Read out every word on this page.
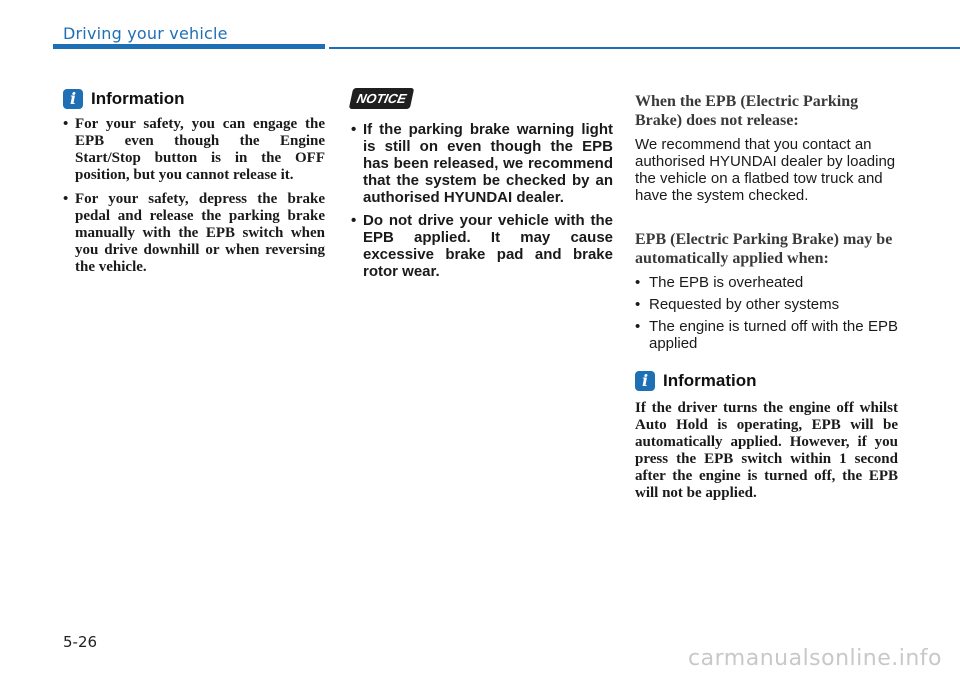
Driving your vehicle
i Information
• For your safety, you can engage the EPB even though the Engine Start/Stop button is in the OFF position, but you cannot release it.
• For your safety, depress the brake pedal and release the parking brake manually with the EPB switch when you drive downhill or when reversing the vehicle.
NOTICE
• If the parking brake warning light is still on even though the EPB has been released, we recommend that the system be checked by an authorised HYUNDAI dealer.
• Do not drive your vehicle with the EPB applied. It may cause excessive brake pad and brake rotor wear.
When the EPB (Electric Parking Brake) does not release:

We recommend that you contact an authorised HYUNDAI dealer by loading the vehicle on a flatbed tow truck and have the system checked.

EPB (Electric Parking Brake) may be automatically applied when:
• The EPB is overheated
• Requested by other systems
• The engine is turned off with the EPB applied
i Information
If the driver turns the engine off whilst Auto Hold is operating, EPB will be automatically applied. However, if you press the EPB switch within 1 second after the engine is turned off, the EPB will not be applied.
5-26
carmanualsonline.info
